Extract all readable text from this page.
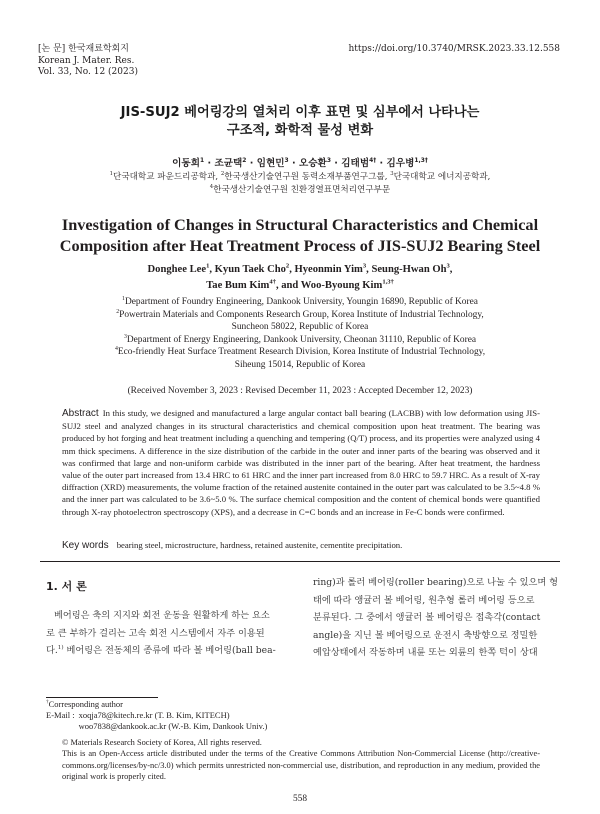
[논 문] 한국재료학회지
Korean J. Mater. Res.
Vol. 33, No. 12 (2023)
https://doi.org/10.3740/MRSK.2023.33.12.558
JIS-SUJ2 베어링강의 열처리 이후 표면 및 심부에서 나타나는
구조적, 화학적 물성 변화
이동희$^1$ · 조균택$^2$ · 임현민$^3$ · 오승환$^3$ · 김태범$^{4\dagger}$ · 김우병$^{1,3\dagger}$
$^1$단국대학교 파운드리공학과, $^2$한국생산기술연구원 동력소재부품연구그룹, $^3$단국대학교 에너지공학과,
$^4$한국생산기술연구원 친환경열표면처리연구부문
Investigation of Changes in Structural Characteristics and Chemical
Composition after Heat Treatment Process of JIS-SUJ2 Bearing Steel
Donghee Lee$^1$, Kyun Taek Cho$^2$, Hyeonmin Yim$^3$, Seung-Hwan Oh$^3$,
Tae Bum Kim$^{4\dagger}$, and Woo-Byoung Kim$^{1,3\dagger}$
$^1$Department of Foundry Engineering, Dankook University, Youngin 16890, Republic of Korea
$^2$Powertrain Materials and Components Research Group, Korea Institute of Industrial Technology,
Suncheon 58022, Republic of Korea
$^3$Department of Energy Engineering, Dankook University, Cheonan 31110, Republic of Korea
$^4$Eco-friendly Heat Surface Treatment Research Division, Korea Institute of Industrial Technology,
Siheung 15014, Republic of Korea
(Received November 3, 2023 : Revised December 11, 2023 : Accepted December 12, 2023)
Abstract In this study, we designed and manufactured a large angular contact ball bearing (LACBB) with low deformation using JIS-SUJ2 steel and analyzed changes in its structural characteristics and chemical composition upon heat treatment. The bearing was produced by hot forging and heat treatment including a quenching and tempering (Q/T) process, and its properties were analyzed using 4 mm thick specimens. A difference in the size distribution of the carbide in the outer and inner parts of the bearing was observed and it was confirmed that large and non-uniform carbide was distributed in the inner part of the bearing. After heat treatment, the hardness value of the outer part increased from 13.4 HRC to 61 HRC and the inner part increased from 8.0 HRC to 59.7 HRC. As a result of X-ray diffraction (XRD) measurements, the volume fraction of the retained austenite contained in the outer part was calculated to be 3.5~4.8 % and the inner part was calculated to be 3.6~5.0 %. The surface chemical composition and the content of chemical bonds were quantified through X-ray photoelectron spectroscopy (XPS), and a decrease in C=C bonds and an increase in Fe-C bonds were confirmed.
Key words bearing steel, microstructure, hardness, retained austenite, cementite precipitation.
1. 서 론
베어링은 축의 지지와 회전 운동을 원활하게 하는 요소
로 큰 부하가 걸리는 고속 회전 시스템에서 자주 이용된
다.$^{1)}$ 베어링은 전동체의 종류에 따라 볼 베어링(ball bea-
ring)과 롤러 베어링(roller bearing)으로 나눌 수 있으며 형
태에 따라 앵귤러 볼 베어링, 원추형 롤러 베어링 등으로
분류된다. 그 중에서 앵귤러 볼 베어링은 접촉각(contact
angle)을 지닌 볼 베어링으로 운전시 축방향으로 정밀한
예압상태에서 작동하며 내륜 또는 외륜의 한쪽 턱이 상대
†Corresponding author
E-Mail : xoqja78@kitech.re.kr (T. B. Kim, KITECH)
woo7838@dankook.ac.kr (W.-B. Kim, Dankook Univ.)
© Materials Research Society of Korea, All rights reserved.
This is an Open-Access article distributed under the terms of the Creative Commons Attribution Non-Commercial License (http://creative-commons.org/licenses/by-nc/3.0) which permits unrestricted non-commercial use, distribution, and reproduction in any medium, provided the original work is properly cited.
558
